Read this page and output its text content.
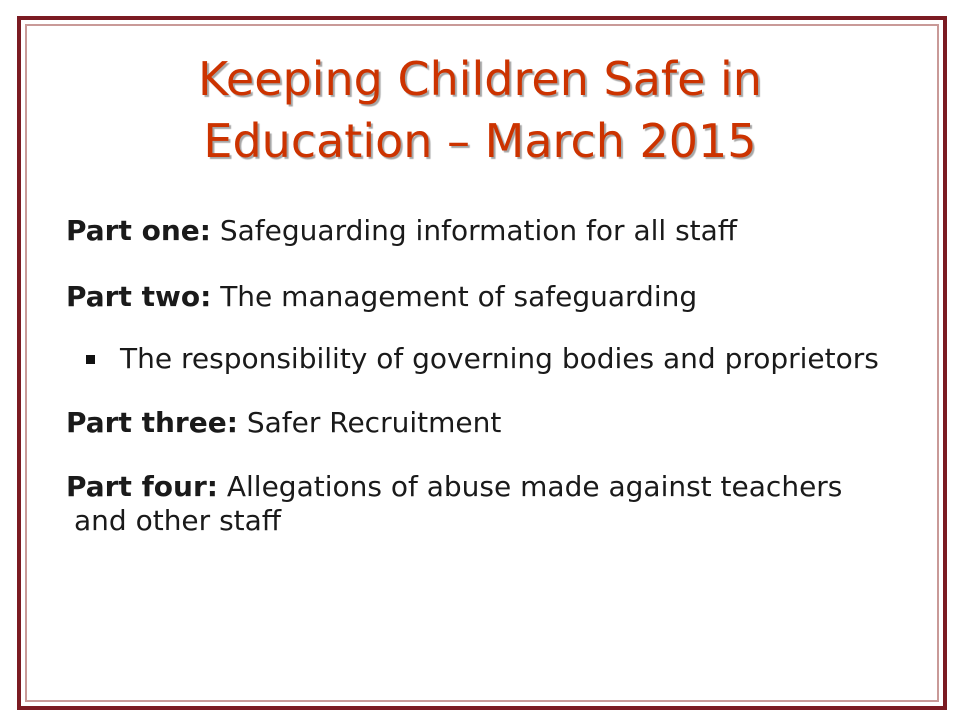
Keeping Children Safe in
Education – March 2015

Part one: Safeguarding information for all staff

Part two: The management of safeguarding

The responsibility of governing bodies and proprietors

Part three: Safer Recruitment

Part four: Allegations of abuse made against teachers and other staff
